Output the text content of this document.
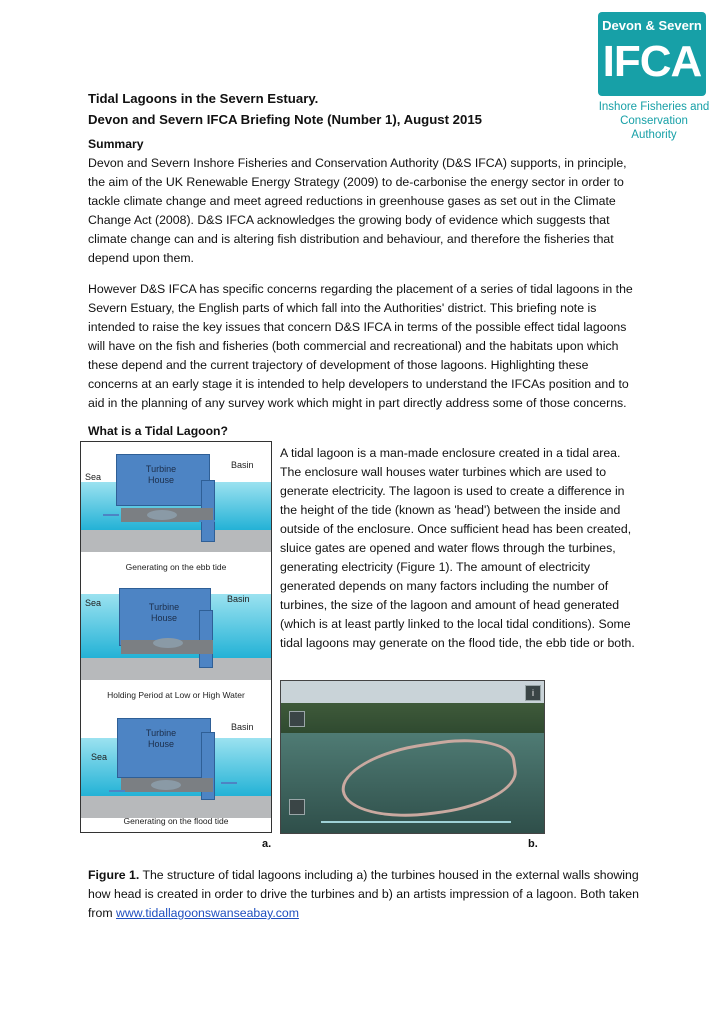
Devon & Severn
IFCA
Inshore Fisheries and
Conservation Authority
Tidal Lagoons in the Severn Estuary.
Devon and Severn IFCA Briefing Note (Number 1), August 2015
Summary
Devon and Severn Inshore Fisheries and Conservation Authority (D&S IFCA) supports, in principle, the aim of the UK Renewable Energy Strategy (2009) to de-carbonise the energy sector in order to tackle climate change and meet agreed reductions in greenhouse gases as set out in the Climate Change Act (2008). D&S IFCA acknowledges the growing body of evidence which suggests that climate change can and is altering fish distribution and behaviour, and therefore the fisheries that depend upon them.
However D&S IFCA has specific concerns regarding the placement of a series of tidal lagoons in the Severn Estuary, the English parts of which fall into the Authorities' district. This briefing note is intended to raise the key issues that concern D&S IFCA in terms of the possible effect tidal lagoons will have on the fish and fisheries (both commercial and recreational) and the habitats upon which these depend and the current trajectory of development of those lagoons. Highlighting these concerns at an early stage it is intended to help developers to understand the IFCAs position and to aid in the planning of any survey work which might in part directly address some of those concerns.
What is a Tidal Lagoon?
A tidal lagoon is a man-made enclosure created in a tidal area. The enclosure wall houses water turbines which are used to generate electricity. The lagoon is used to create a difference in the height of the tide (known as 'head') between the inside and outside of the enclosure. Once sufficient head has been created, sluice gates are opened and water flows through the turbines, generating electricity (Figure 1). The amount of electricity generated depends on many factors including the number of turbines, the size of the lagoon and amount of head generated (which is at least partly linked to the local tidal conditions). Some tidal lagoons may generate on the flood tide, the ebb tide or both.
Sea
Basin
Turbine
House
Generating on the ebb tide
Sea	Basin
Turbine
House
Holding Period at Low or High Water
Sea
Basin
Turbine
House
Generating on the flood tide
a.
i
b.
Figure 1. The structure of tidal lagoons including a) the turbines housed in the external walls showing how head is created in order to drive the turbines and b) an artists impression of a lagoon. Both taken from www.tidallagoonswanseabay.com
